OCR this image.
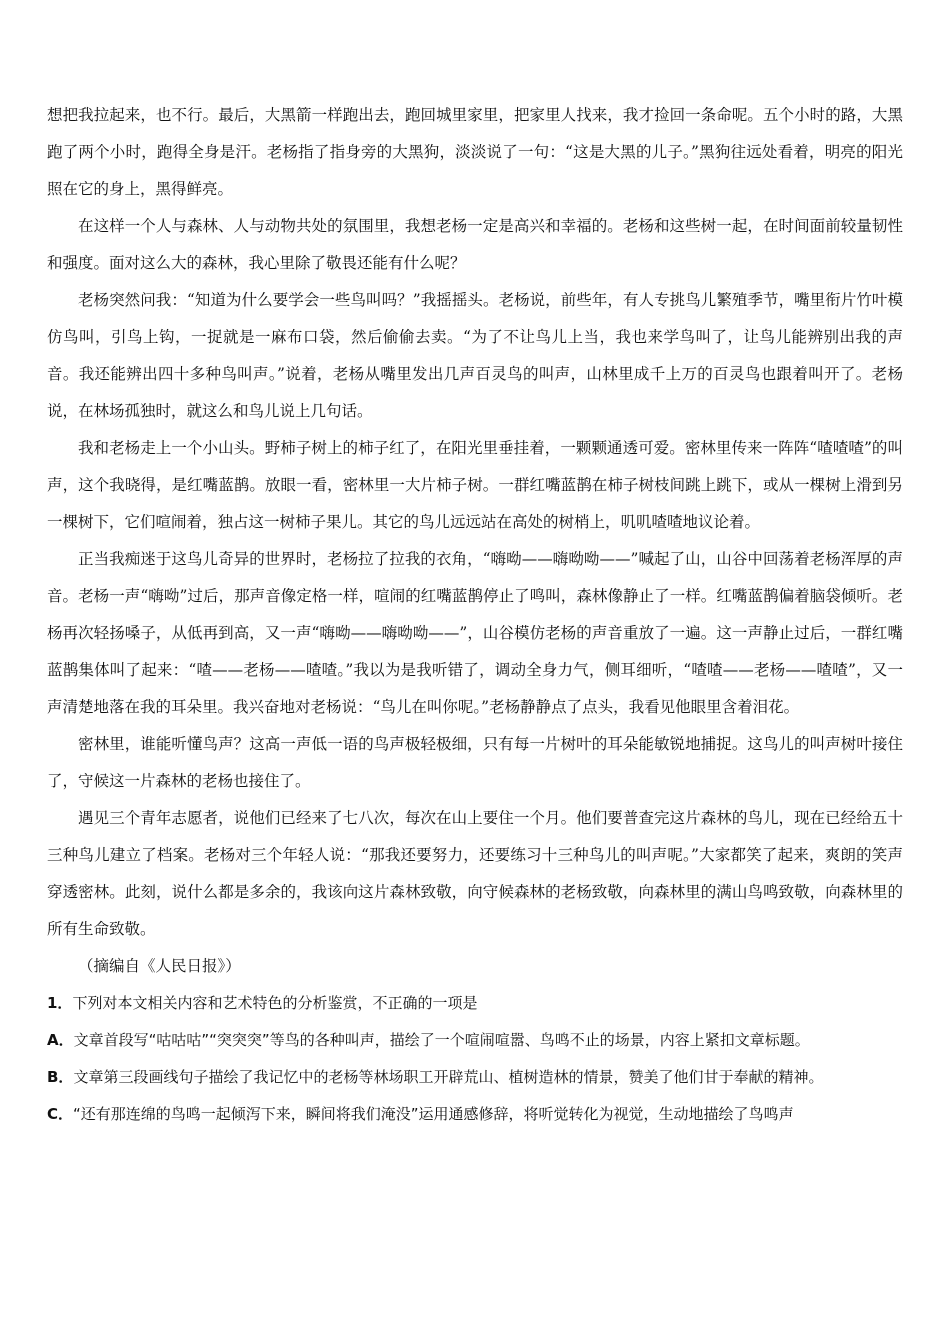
想把我拉起来，也不行。最后，大黑箭一样跑出去，跑回城里家里，把家里人找来，我才捡回一条命呢。五个小时的路，大黑跑了两个小时，跑得全身是汗。老杨指了指身旁的大黑狗，淡淡说了一句：“这是大黑的儿子。”黑狗往远处看着，明亮的阳光照在它的身上，黑得鲜亮。

在这样一个人与森林、人与动物共处的氛围里，我想老杨一定是高兴和幸福的。老杨和这些树一起，在时间面前较量韧性和强度。面对这么大的森林，我心里除了敬畏还能有什么呢？

老杨突然问我：“知道为什么要学会一些鸟叫吗？”我摇摇头。老杨说，前些年，有人专挑鸟儿繁殖季节，嘴里衔片竹叶模仿鸟叫，引鸟上钩，一捉就是一麻布口袋，然后偷偷去卖。“为了不让鸟儿上当，我也来学鸟叫了，让鸟儿能辨别出我的声音。我还能辨出四十多种鸟叫声。”说着，老杨从嘴里发出几声百灵鸟的叫声，山林里成千上万的百灵鸟也跟着叫开了。老杨说，在林场孤独时，就这么和鸟儿说上几句话。

我和老杨走上一个小山头。野柿子树上的柿子红了，在阳光里垂挂着，一颗颗通透可爱。密林里传来一阵阵“喳喳喳”的叫声，这个我晓得，是红嘴蓝鹊。放眼一看，密林里一大片柿子树。一群红嘴蓝鹊在柿子树枝间跳上跳下，或从一棵树上滑到另一棵树下，它们喧闹着，独占这一树柿子果儿。其它的鸟儿远远站在高处的树梢上，叽叽喳喳地议论着。

正当我痴迷于这鸟儿奇异的世界时，老杨拉了拉我的衣角，“嗨呦——嗨呦呦——”喊起了山，山谷中回荡着老杨浑厚的声音。老杨一声“嗨呦”过后，那声音像定格一样，喧闹的红嘴蓝鹊停止了鸣叫，森林像静止了一样。红嘴蓝鹊偏着脑袋倾听。老杨再次轻扬嗓子，从低再到高，又一声“嗨呦——嗨呦呦——”，山谷模仿老杨的声音重放了一遍。这一声静止过后，一群红嘴蓝鹊集体叫了起来：“喳——老杨——喳喳。”我以为是我听错了，调动全身力气，侧耳细听，“喳喳——老杨——喳喳”，又一声清楚地落在我的耳朵里。我兴奋地对老杨说：“鸟儿在叫你呢。”老杨静静点了点头，我看见他眼里含着泪花。

密林里，谁能听懂鸟声？这高一声低一语的鸟声极轻极细，只有每一片树叶的耳朵能敏锐地捕捉。这鸟儿的叫声树叶接住了，守候这一片森林的老杨也接住了。

遇见三个青年志愿者，说他们已经来了七八次，每次在山上要住一个月。他们要普查完这片森林的鸟儿，现在已经给五十三种鸟儿建立了档案。老杨对三个年轻人说：“那我还要努力，还要练习十三种鸟儿的叫声呢。”大家都笑了起来，爽朗的笑声穿透密林。此刻，说什么都是多余的，我该向这片森林致敬，向守候森林的老杨致敬，向森林里的满山鸟鸣致敬，向森林里的所有生命致敬。

（摘编自《人民日报》）

1．下列对本文相关内容和艺术特色的分析鉴赏，不正确的一项是

A．文章首段写“咕咕咕”“突突突”等鸟的各种叫声，描绘了一个喧闹喧嚣、鸟鸣不止的场景，内容上紧扣文章标题。

B．文章第三段画线句子描绘了我记忆中的老杨等林场职工开辟荒山、植树造林的情景，赞美了他们甘于奉献的精神。

C．“还有那连绵的鸟鸣一起倾泻下来，瞬间将我们淹没”运用通感修辞，将听觉转化为视觉，生动地描绘了鸟鸣声
